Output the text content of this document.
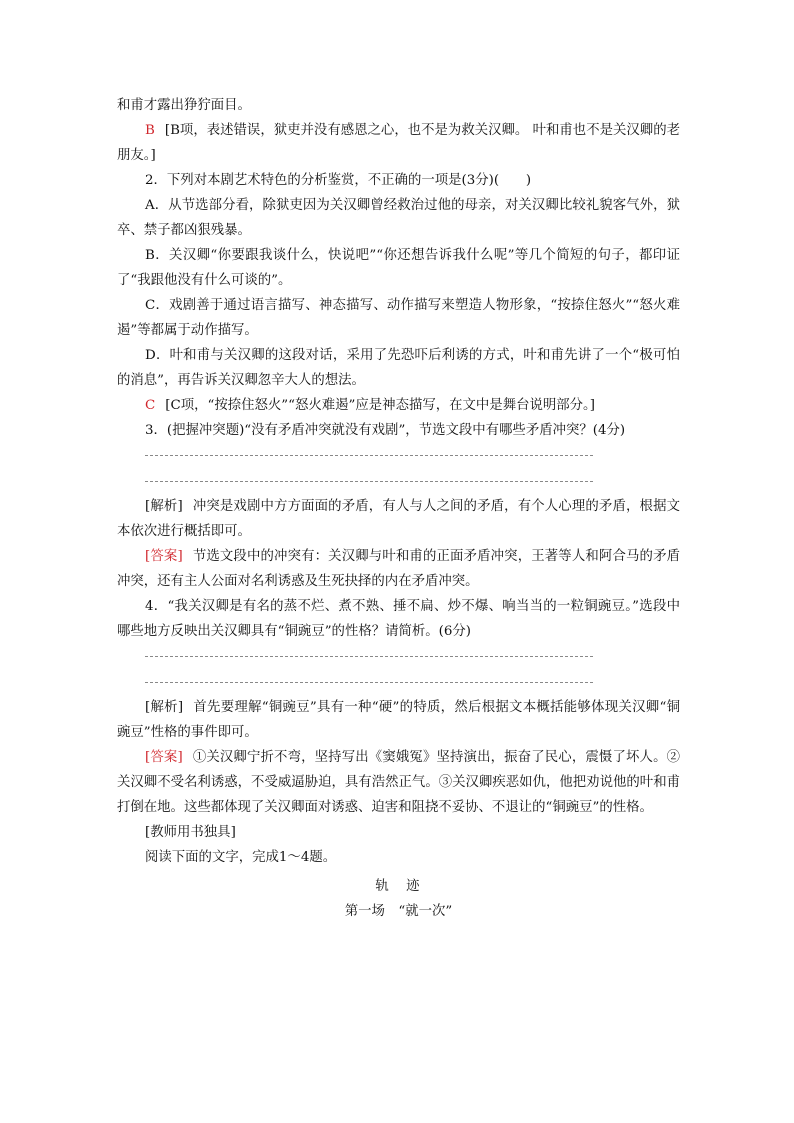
和甫才露出狰狞面目。

B [B项，表述错误，狱吏并没有感恩之心，也不是为救关汉卿。 叶和甫也不是关汉卿的老朋友。]

2．下列对本剧艺术特色的分析鉴赏，不正确的一项是(3分)(　　)

A．从节选部分看，除狱吏因为关汉卿曾经救治过他的母亲，对关汉卿比较礼貌客气外，狱卒、禁子都凶狠残暴。

B．关汉卿“你要跟我谈什么，快说吧”“你还想告诉我什么呢”等几个简短的句子，都印证了“我跟他没有什么可谈的”。

C．戏剧善于通过语言描写、神态描写、动作描写来塑造人物形象，“按捺住怒火”“怒火难遏”等都属于动作描写。

D．叶和甫与关汉卿的这段对话，采用了先恐吓后利诱的方式，叶和甫先讲了一个“极可怕的消息”，再告诉关汉卿忽辛大人的想法。

C [C项，“按捺住怒火”“怒火难遏”应是神态描写，在文中是舞台说明部分。]

3．(把握冲突题)“没有矛盾冲突就没有戏剧”，节选文段中有哪些矛盾冲突？(4分)

[解析] 冲突是戏剧中方方面面的矛盾，有人与人之间的矛盾，有个人心理的矛盾，根据文本依次进行概括即可。

[答案] 节选文段中的冲突有：关汉卿与叶和甫的正面矛盾冲突，王著等人和阿合马的矛盾冲突，还有主人公面对名利诱惑及生死抉择的内在矛盾冲突。

4．“我关汉卿是有名的蒸不烂、煮不熟、捶不扁、炒不爆、响当当的一粒铜豌豆。”选段中哪些地方反映出关汉卿具有“铜豌豆”的性格？请简析。(6分)

[解析] 首先要理解“铜豌豆”具有一种“硬”的特质，然后根据文本概括能够体现关汉卿“铜豌豆”性格的事件即可。

[答案] ①关汉卿宁折不弯，坚持写出《窦娥冤》坚持演出，振奋了民心，震慑了坏人。②关汉卿不受名利诱惑，不受威逼胁迫，具有浩然正气。③关汉卿疾恶如仇，他把劝说他的叶和甫打倒在地。这些都体现了关汉卿面对诱惑、迫害和阻挠不妥协、不退让的“铜豌豆”的性格。

[教师用书独具]

阅读下面的文字，完成1～4题。

轨　迹

第一场　“就一次”
